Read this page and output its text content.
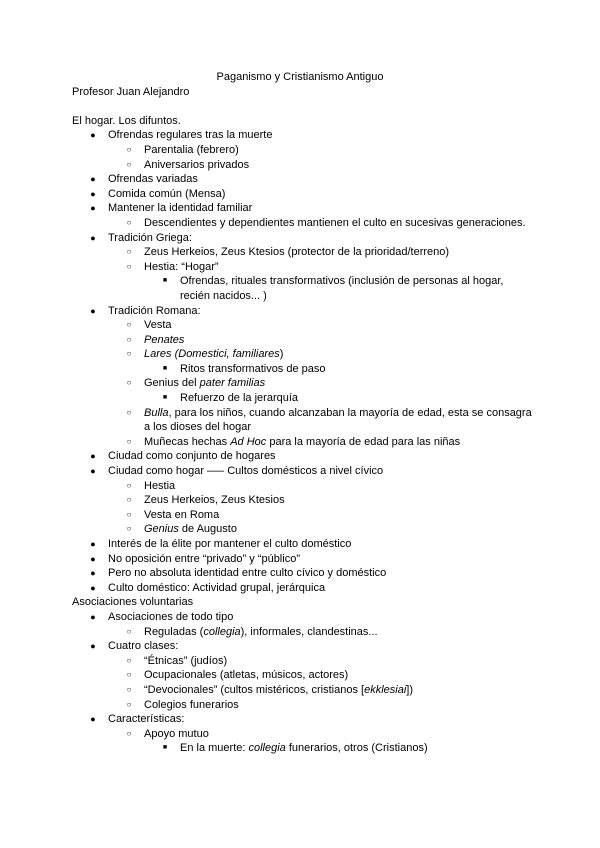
Paganismo y Cristianismo Antiguo
Profesor Juan Alejandro
El hogar. Los difuntos.
●	Ofrendas regulares tras la muerte
○	Parentalia (febrero)
○	Aniversarios privados
●	Ofrendas variadas
●	Comida común (Mensa)
●	Mantener la identidad familiar
○	Descendientes y dependientes mantienen el culto en sucesivas generaciones.
●	Tradición Griega:
○	Zeus Herkeios, Zeus Ktesios (protector de la prioridad/terreno)
○	Hestia: “Hogar”
■	Ofrendas, rituales transformativos (inclusión de personas al hogar, recién nacidos... )
●	Tradición Romana:
○	Vesta
○	Penates
○	Lares (Domestici, familiares)
■	Ritos transformativos de paso
○	Genius del pater familias
■	Refuerzo de la jerarquía
○	Bulla, para los niños, cuando alcanzaban la mayoría de edad, esta se consagra a los dioses del hogar
○	Muñecas hechas Ad Hoc para la mayoría de edad para las niñas
●	Ciudad como conjunto de hogares
●	Ciudad como hogar —– Cultos domésticos a nivel cívico
○	Hestia
○	Zeus Herkeios, Zeus Ktesios
○	Vesta en Roma
○	Genius de Augusto
●	Interés de la élite por mantener el culto doméstico
●	No oposición entre “privado” y “público”
●	Pero no absoluta identidad entre culto cívico y doméstico
●	Culto doméstico: Actividad grupal, jerárquica
Asociaciones voluntarias
●	Asociaciones de todo tipo
○	Reguladas (collegia), informales, clandestinas...
●	Cuatro clases:
○	“Étnicas” (judíos)
○	Ocupacionales (atletas, músicos, actores)
○	“Devocionales” (cultos mistéricos, cristianos [ekklesiai])
○	Colegios funerarios
●	Características:
○	Apoyo mutuo
■	En la muerte: collegia funerarios, otros (Cristianos)
